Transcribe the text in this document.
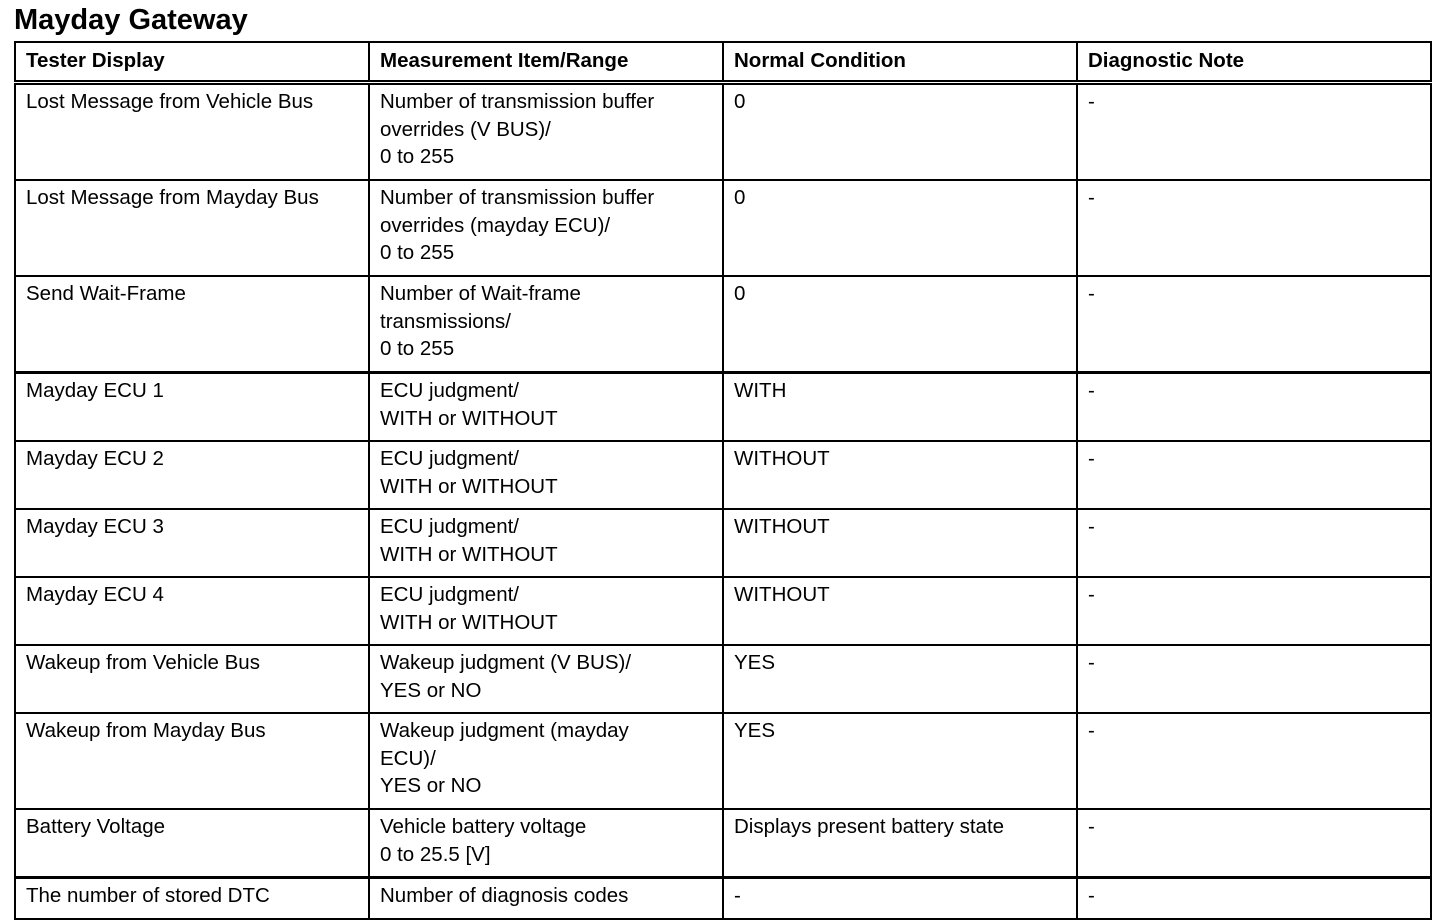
Mayday Gateway
Tester Display	Measurement Item/Range	Normal Condition	Diagnostic Note
Lost Message from Vehicle Bus	Number of transmission buffer
overrides (V BUS)/
0 to 255	0	-
Lost Message from Mayday Bus	Number of transmission buffer
overrides (mayday ECU)/
0 to 255	0	-
Send Wait-Frame	Number of Wait-frame
transmissions/
0 to 255	0	-
Mayday ECU 1	ECU judgment/
WITH or WITHOUT	WITH	-
Mayday ECU 2	ECU judgment/
WITH or WITHOUT	WITHOUT	-
Mayday ECU 3	ECU judgment/
WITH or WITHOUT	WITHOUT	-
Mayday ECU 4	ECU judgment/
WITH or WITHOUT	WITHOUT	-
Wakeup from Vehicle Bus	Wakeup judgment (V BUS)/
YES or NO	YES	-
Wakeup from Mayday Bus	Wakeup judgment (mayday
ECU)/
YES or NO	YES	-
Battery Voltage	Vehicle battery voltage
0 to 25.5 [V]	Displays present battery state	-
The number of stored DTC	Number of diagnosis codes	-	-
